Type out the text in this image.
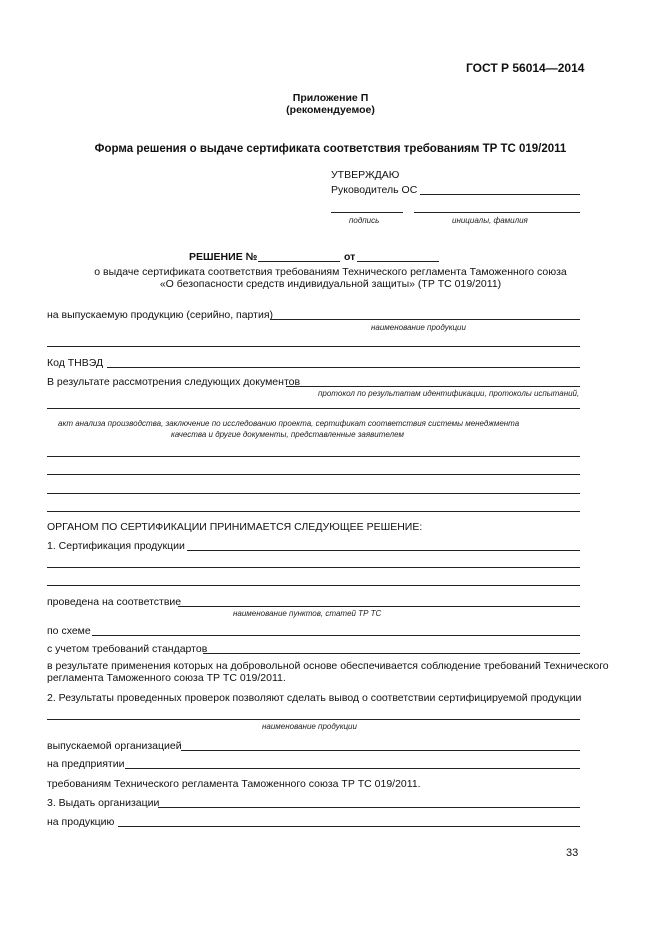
ГОСТ Р 56014—2014
Приложение П
(рекомендуемое)
Форма решения о выдаче сертификата соответствия требованиям ТР ТС 019/2011
УТВЕРЖДАЮ
Руководитель ОС
подпись	инициалы, фамилия
РЕШЕНИЕ №	от
о выдаче сертификата соответствия требованиям Технического регламента Таможенного союза
«О безопасности средств индивидуальной защиты» (ТР ТС 019/2011)
на выпускаемую продукцию (серийно, партия)
наименование продукции
Код ТНВЭД
В результате рассмотрения следующих документов
протокол по результатам идентификации, протоколы испытаний,
акт анализа производства, заключение по исследованию проекта, сертификат соответствия системы менеджмента
качества и другие документы, представленные заявителем
ОРГАНОМ ПО СЕРТИФИКАЦИИ ПРИНИМАЕТСЯ СЛЕДУЮЩЕЕ РЕШЕНИЕ:
1. Сертификация продукции
проведена на соответствие
наименование пунктов, статей ТР ТС
по схеме
с учетом требований стандартов
в результате применения которых на добровольной основе обеспечивается соблюдение требований Технического
регламента Таможенного союза ТР ТС 019/2011.
2. Результаты проведенных проверок позволяют сделать вывод о соответствии сертифицируемой продукции
наименование продукции
выпускаемой организацией
на предприятии
требованиям Технического регламента Таможенного союза ТР ТС 019/2011.
3. Выдать организации
на продукцию
33
